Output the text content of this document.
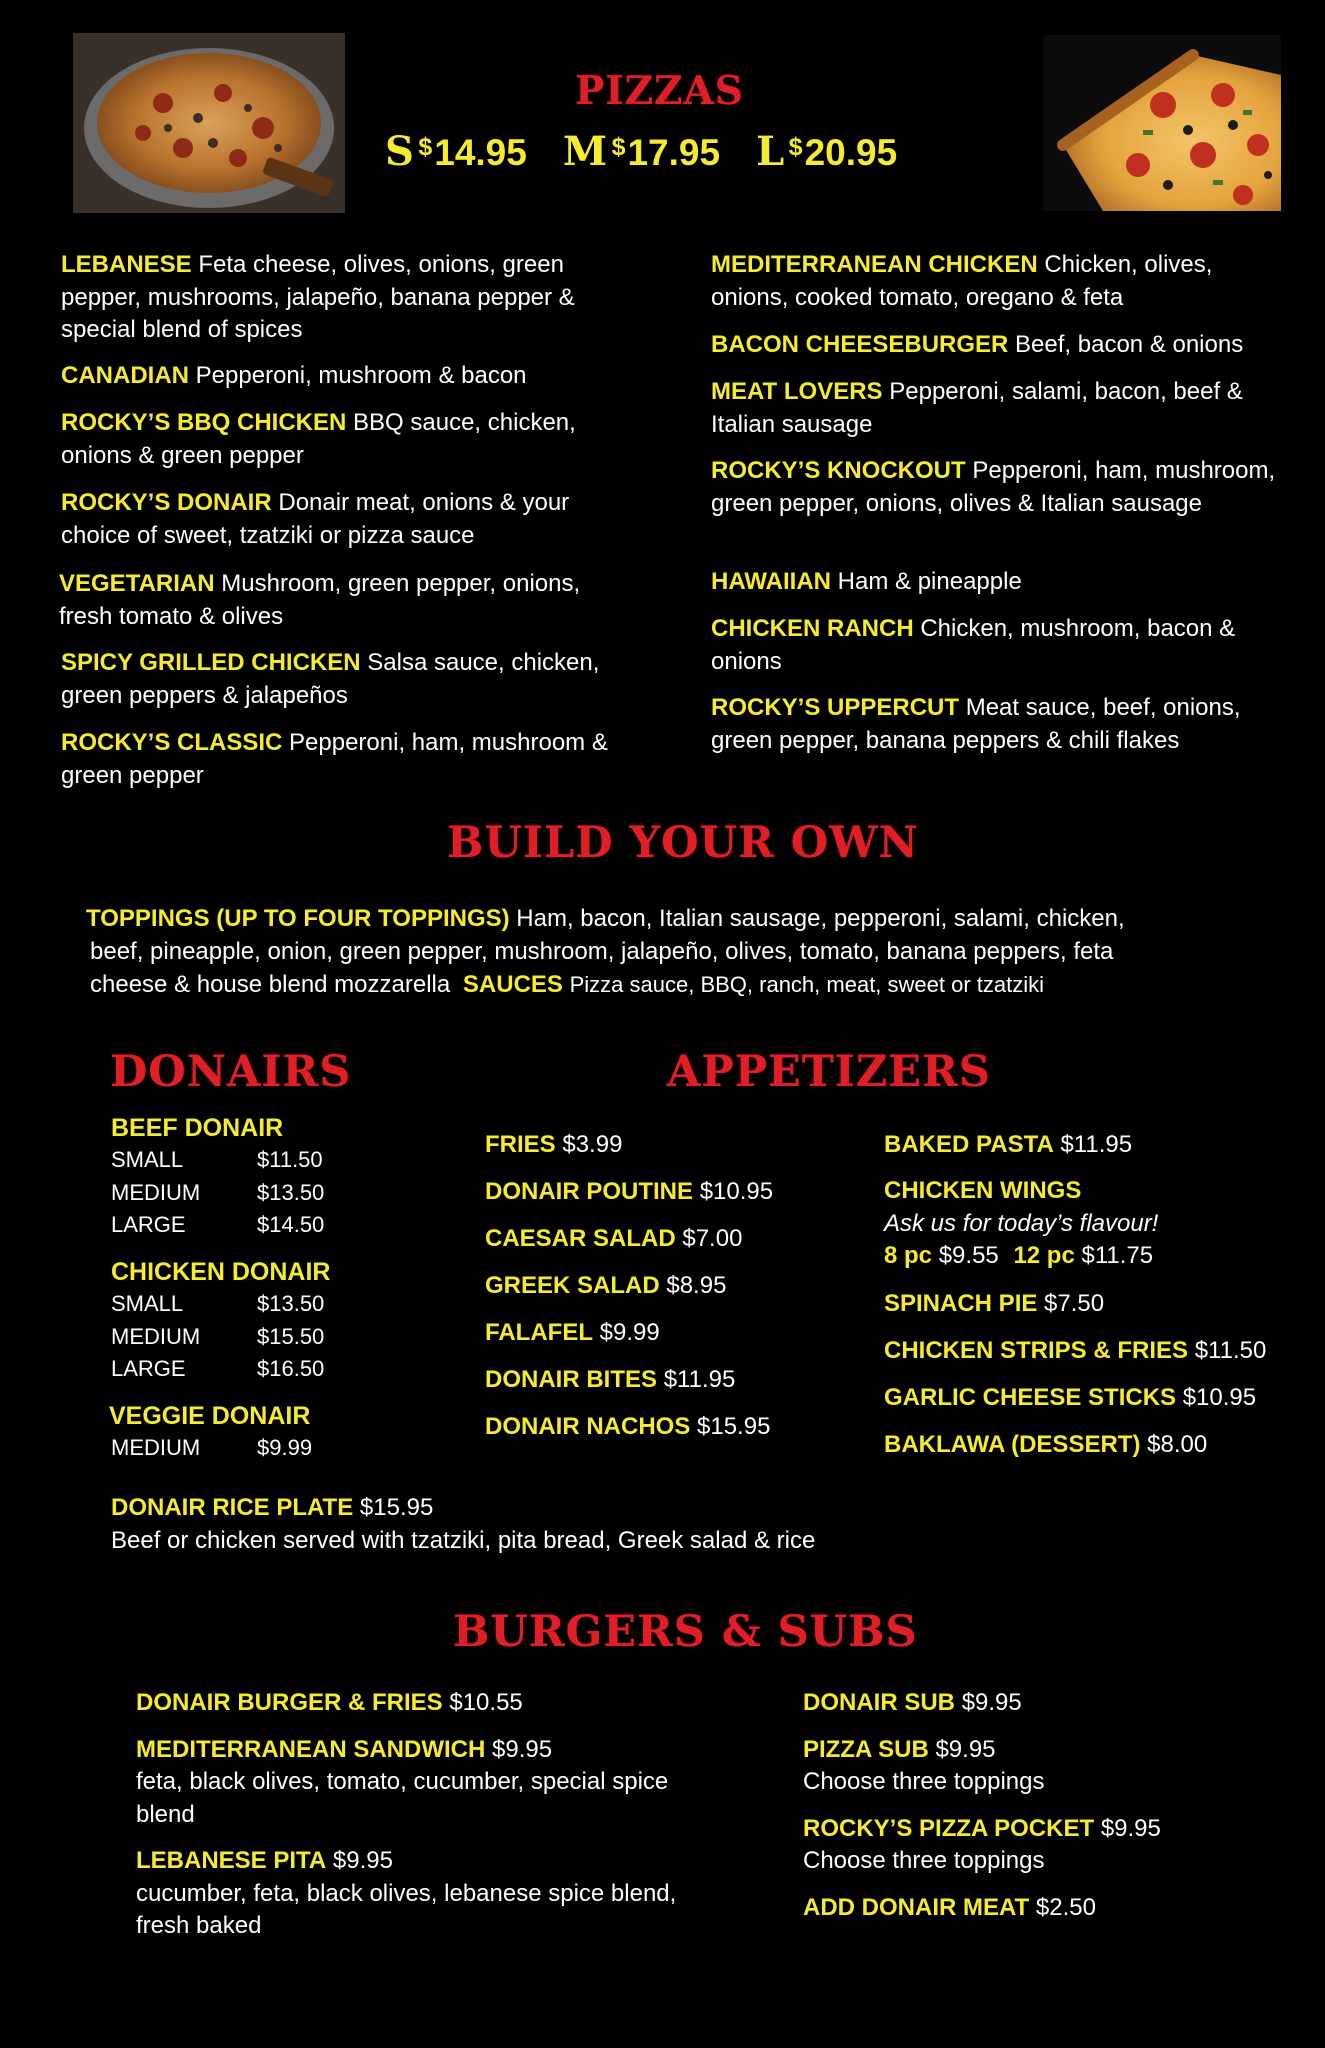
PIZZAS
S $14.95 M $17.95 L $20.95
LEBANESE Feta cheese, olives, onions, green pepper, mushrooms, jalapeño, banana pepper & special blend of spices
CANADIAN Pepperoni, mushroom & bacon
ROCKY’S BBQ CHICKEN BBQ sauce, chicken, onions & green pepper
ROCKY’S DONAIR Donair meat, onions & your choice of sweet, tzatziki or pizza sauce
VEGETARIAN Mushroom, green pepper, onions, fresh tomato & olives
SPICY GRILLED CHICKEN Salsa sauce, chicken, green peppers & jalapeños
ROCKY’S CLASSIC Pepperoni, ham, mushroom & green pepper
MEDITERRANEAN CHICKEN Chicken, olives, onions, cooked tomato, oregano & feta
BACON CHEESEBURGER Beef, bacon & onions
MEAT LOVERS Pepperoni, salami, bacon, beef & Italian sausage
ROCKY’S KNOCKOUT Pepperoni, ham, mushroom, green pepper, onions, olives & Italian sausage
HAWAIIAN Ham & pineapple
CHICKEN RANCH Chicken, mushroom, bacon & onions
ROCKY’S UPPERCUT Meat sauce, beef, onions, green pepper, banana peppers & chili flakes
BUILD YOUR OWN
TOPPINGS (UP TO FOUR TOPPINGS) Ham, bacon, Italian sausage, pepperoni, salami, chicken,
beef, pineapple, onion, green pepper, mushroom, jalapeño, olives, tomato, banana peppers, feta
cheese & house blend mozzarella SAUCES Pizza sauce, BBQ, ranch, meat, sweet or tzatziki
DONAIRS
BEEF DONAIR
SMALL	$11.50
MEDIUM	$13.50
LARGE	$14.50
CHICKEN DONAIR
SMALL	$13.50
MEDIUM	$15.50
LARGE	$16.50
VEGGIE DONAIR
MEDIUM	$9.99
DONAIR RICE PLATE $15.95
Beef or chicken served with tzatziki, pita bread, Greek salad & rice
APPETIZERS
FRIES $3.99
DONAIR POUTINE $10.95
CAESAR SALAD $7.00
GREEK SALAD $8.95
FALAFEL $9.99
DONAIR BITES $11.95
DONAIR NACHOS $15.95
BAKED PASTA $11.95
CHICKEN WINGS
Ask us for today’s flavour!
8 pc $9.55 12 pc $11.75
SPINACH PIE $7.50
CHICKEN STRIPS & FRIES $11.50
GARLIC CHEESE STICKS $10.95
BAKLAWA (DESSERT) $8.00
BURGERS & SUBS
DONAIR BURGER & FRIES $10.55
MEDITERRANEAN SANDWICH $9.95
feta, black olives, tomato, cucumber, special spice blend
LEBANESE PITA $9.95
cucumber, feta, black olives, lebanese spice blend, fresh baked
DONAIR SUB $9.95
PIZZA SUB $9.95
Choose three toppings
ROCKY’S PIZZA POCKET $9.95
Choose three toppings
ADD DONAIR MEAT $2.50
